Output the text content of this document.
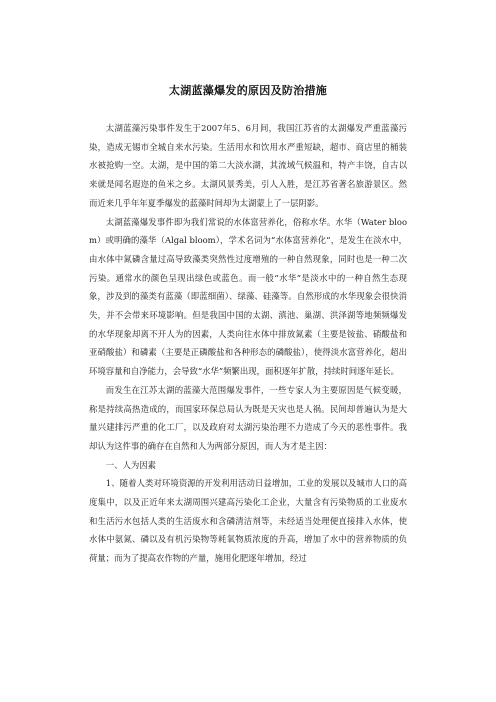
太湖蓝藻爆发的原因及防治措施

太湖蓝藻污染事件发生于2007年5、6月间，我国江苏省的太湖爆发严重蓝藻污染，造成无锡市全城自来水污染。生活用水和饮用水严重短缺，超市、商店里的桶装水被抢购一空。太湖，是中国的第二大淡水湖，其流域气候温和，特产丰饶，自古以来就是闻名遐迩的鱼米之乡。太湖风景秀美，引人入胜，是江苏省著名旅游景区。然而近来几乎年年夏季爆发的蓝藻时间却为太湖蒙上了一层阴影。

太湖蓝藻爆发事件即为我们常说的水体富营养化，俗称水华。水华（Water bloom）或明确的藻华（Algal bloom），学术名词为“水体富营养化”，是发生在淡水中，由水体中氮磷含量过高导致藻类突然性过度增殖的一种自然现象，同时也是一种二次污染。通常水的颜色呈现出绿色或蓝色。而一般“水华”是淡水中的一种自然生态现象，涉及到的藻类有蓝藻（即蓝细菌）、绿藻、硅藻等。自然形成的水华现象会很快消失，并不会带来环境影响。但是我国中国的太湖、滇池、巢湖、洪泽湖等地频频爆发的水华现象却离不开人为的因素，人类向往水体中排放氮素（主要是铵盐、硝酸盐和亚硝酸盐）和磷素（主要是正磷酸盐和各种形态的磷酸盐），使得淡水富营养化，超出环境容量和自净能力，会导致“水华”频繁出现，面积逐年扩散，持续时间逐年延长。

而发生在江苏太湖的蓝藻大范围爆发事件，一些专家人为主要原因是气候变暖，称是持续高热造成的，而国家环保总局认为既是天灾也是人祸。民间却普遍认为是大量兴建排污严重的化工厂，以及政府对太湖污染治理不力造成了今天的恶性事件。我却认为这件事的确存在自然和人为两部分原因，而人为才是主因：

一、人为因素

1、随着人类对环境资源的开发利用活动日益增加，工业的发展以及城市人口的高度集中，以及正近年来太湖周围兴建高污染化工企业，大量含有污染物质的工业废水和生活污水包括人类的生活废水和含磷清洁剂等，未经适当处理便直接排入水体，使水体中氨氮、磷以及有机污染物等耗氧物质浓度的升高，增加了水中的营养物质的负荷量；而为了提高农作物的产量，施用化肥逐年增加，经过
